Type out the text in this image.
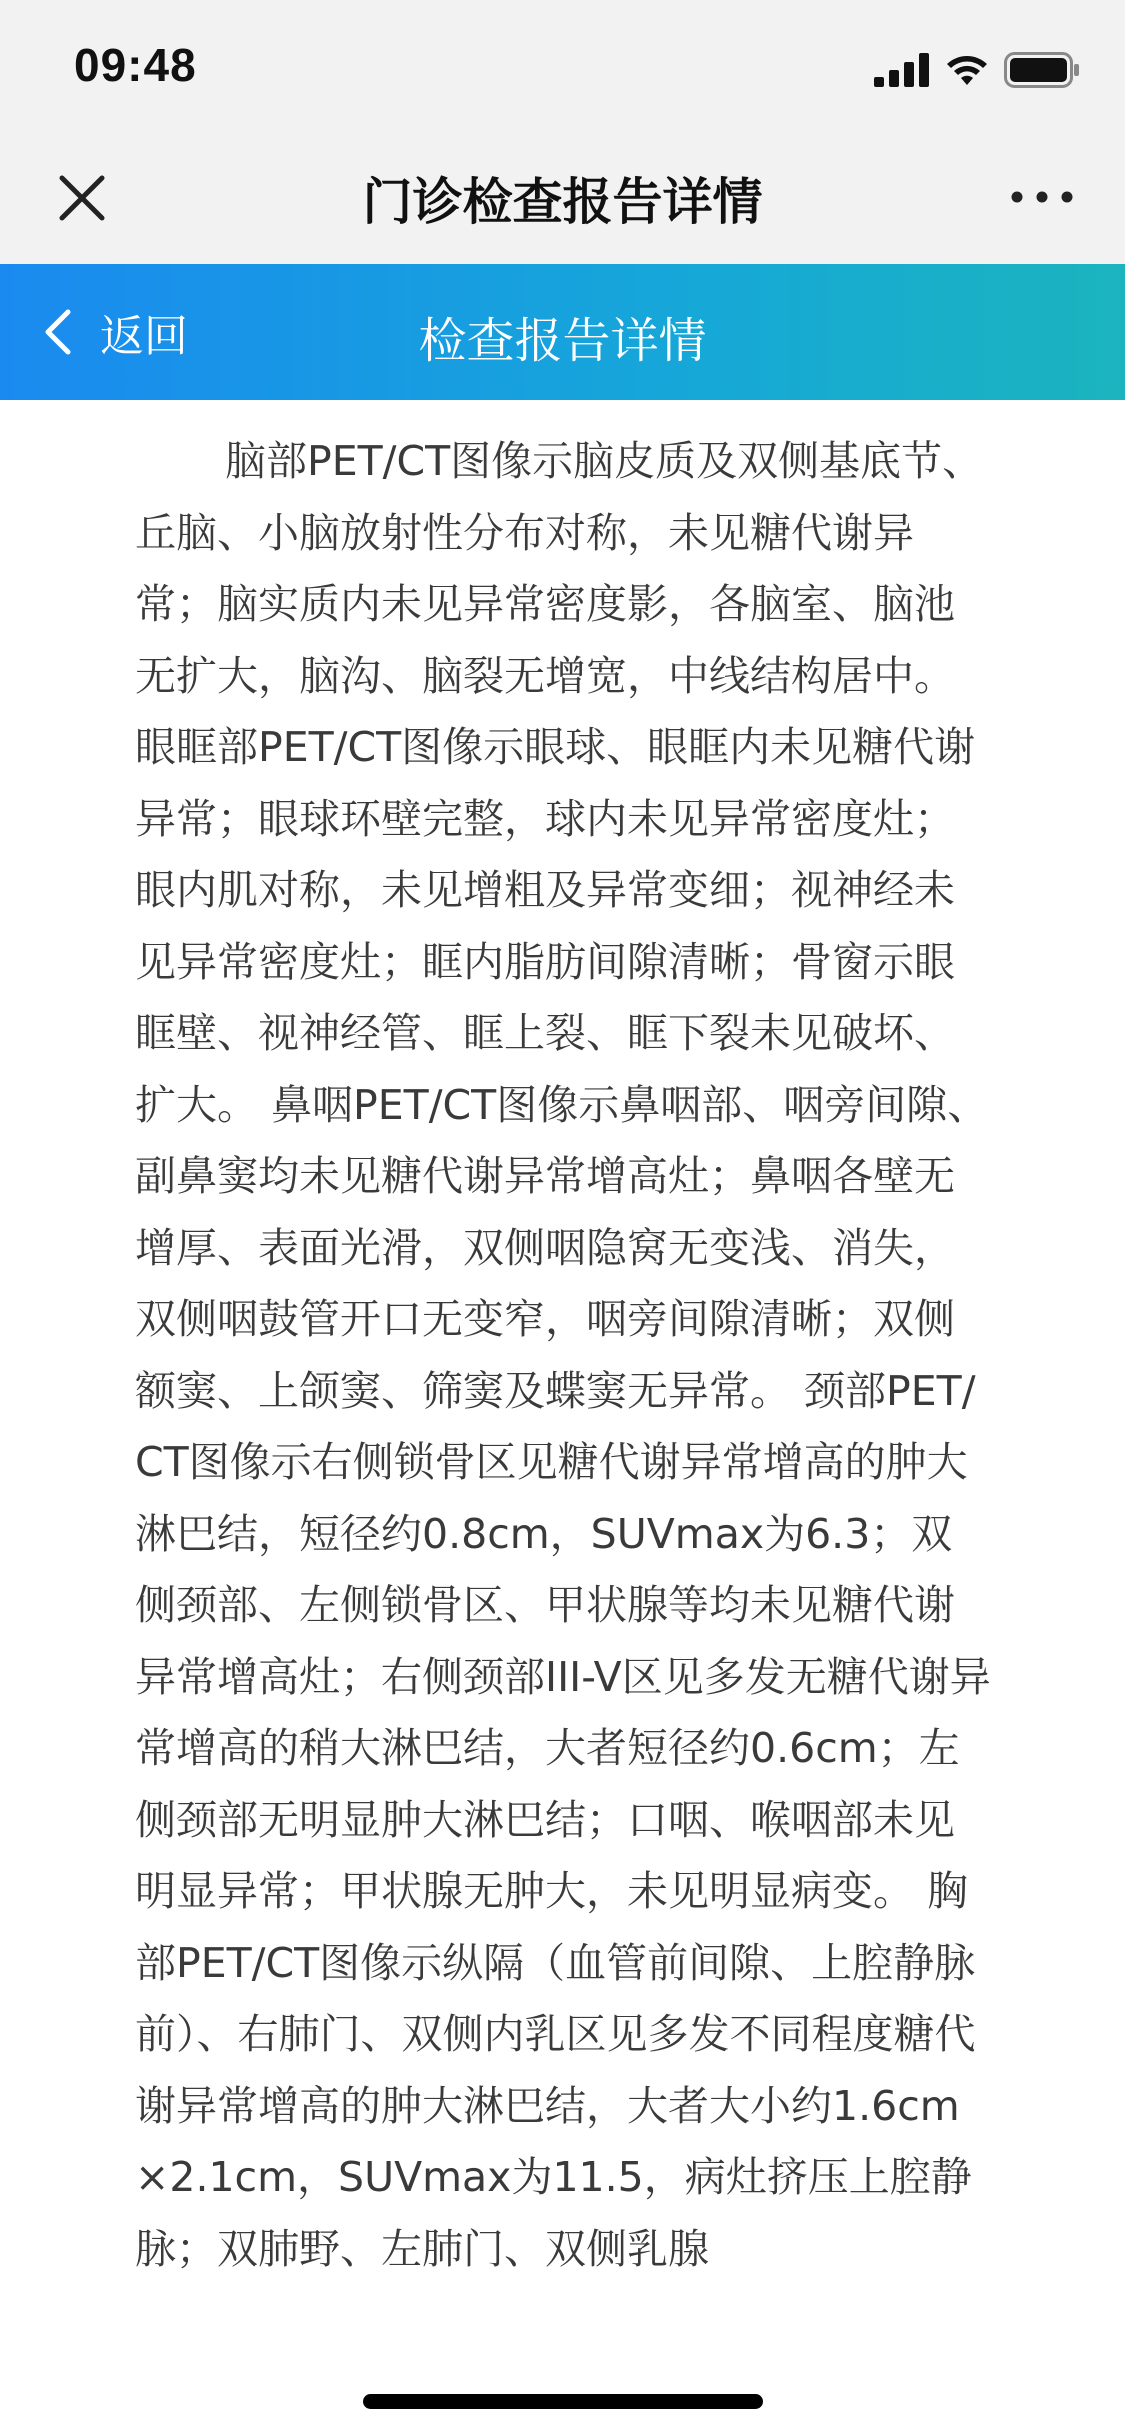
09:48
门诊检查报告详情
返回	检查报告详情

脑部PET/CT图像示脑皮质及双侧基底节、丘脑、小脑放射性分布对称，未见糖代谢异常；脑实质内未见异常密度影，各脑室、脑池无扩大，脑沟、脑裂无增宽，中线结构居中。 眼眶部PET/CT图像示眼球、眼眶内未见糖代谢异常；眼球环壁完整，球内未见异常密度灶；眼内肌对称，未见增粗及异常变细；视神经未见异常密度灶；眶内脂肪间隙清晰；骨窗示眼眶壁、视神经管、眶上裂、眶下裂未见破坏、扩大。 鼻咽PET/CT图像示鼻咽部、咽旁间隙、副鼻窦均未见糖代谢异常增高灶；鼻咽各壁无增厚、表面光滑，双侧咽隐窝无变浅、消失，双侧咽鼓管开口无变窄，咽旁间隙清晰；双侧额窦、上颌窦、筛窦及蝶窦无异常。 颈部PET/CT图像示右侧锁骨区见糖代谢异常增高的肿大淋巴结，短径约0.8cm，SUVmax为6.3；双侧颈部、左侧锁骨区、甲状腺等均未见糖代谢异常增高灶；右侧颈部III-V区见多发无糖代谢异常增高的稍大淋巴结，大者短径约0.6cm；左侧颈部无明显肿大淋巴结；口咽、喉咽部未见明显异常；甲状腺无肿大，未见明显病变。 胸部PET/CT图像示纵隔（血管前间隙、上腔静脉前）、右肺门、双侧内乳区见多发不同程度糖代谢异常增高的肿大淋巴结，大者大小约1.6cm×2.1cm，SUVmax为11.5，病灶挤压上腔静脉；双肺野、左肺门、双侧乳腺
